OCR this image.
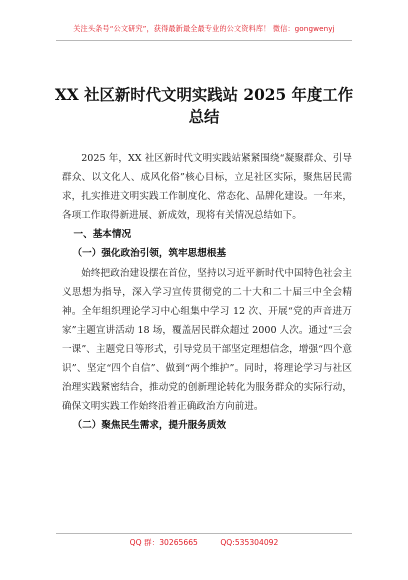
关注头条号“公文研究”，获得最新最全最专业的公文资料库！ 微信：gongwenyj
XX 社区新时代文明实践站 2025 年度工作
总结

2025 年，XX 社区新时代文明实践站紧紧围绕“凝聚群众、引导群众、以文化人、成风化俗”核心目标，立足社区实际，聚焦居民需求，扎实推进文明实践工作制度化、常态化、品牌化建设。一年来，各项工作取得新进展、新成效，现将有关情况总结如下。

一、基本情况
（一）强化政治引领，筑牢思想根基

始终把政治建设摆在首位，坚持以习近平新时代中国特色社会主义思想为指导，深入学习宣传贯彻党的二十大和二十届三中全会精神。全年组织理论学习中心组集中学习 12 次、开展“党的声音进万家”主题宣讲活动 18 场，覆盖居民群众超过 2000 人次。通过“三会一课”、主题党日等形式，引导党员干部坚定理想信念，增强“四个意识”、坚定“四个自信”、做到“两个维护”。同时，将理论学习与社区治理实践紧密结合，推动党的创新理论转化为服务群众的实际行动，确保文明实践工作始终沿着正确政治方向前进。

（二）聚焦民生需求，提升服务质效
QQ 群：30265665	QQ:535304092
